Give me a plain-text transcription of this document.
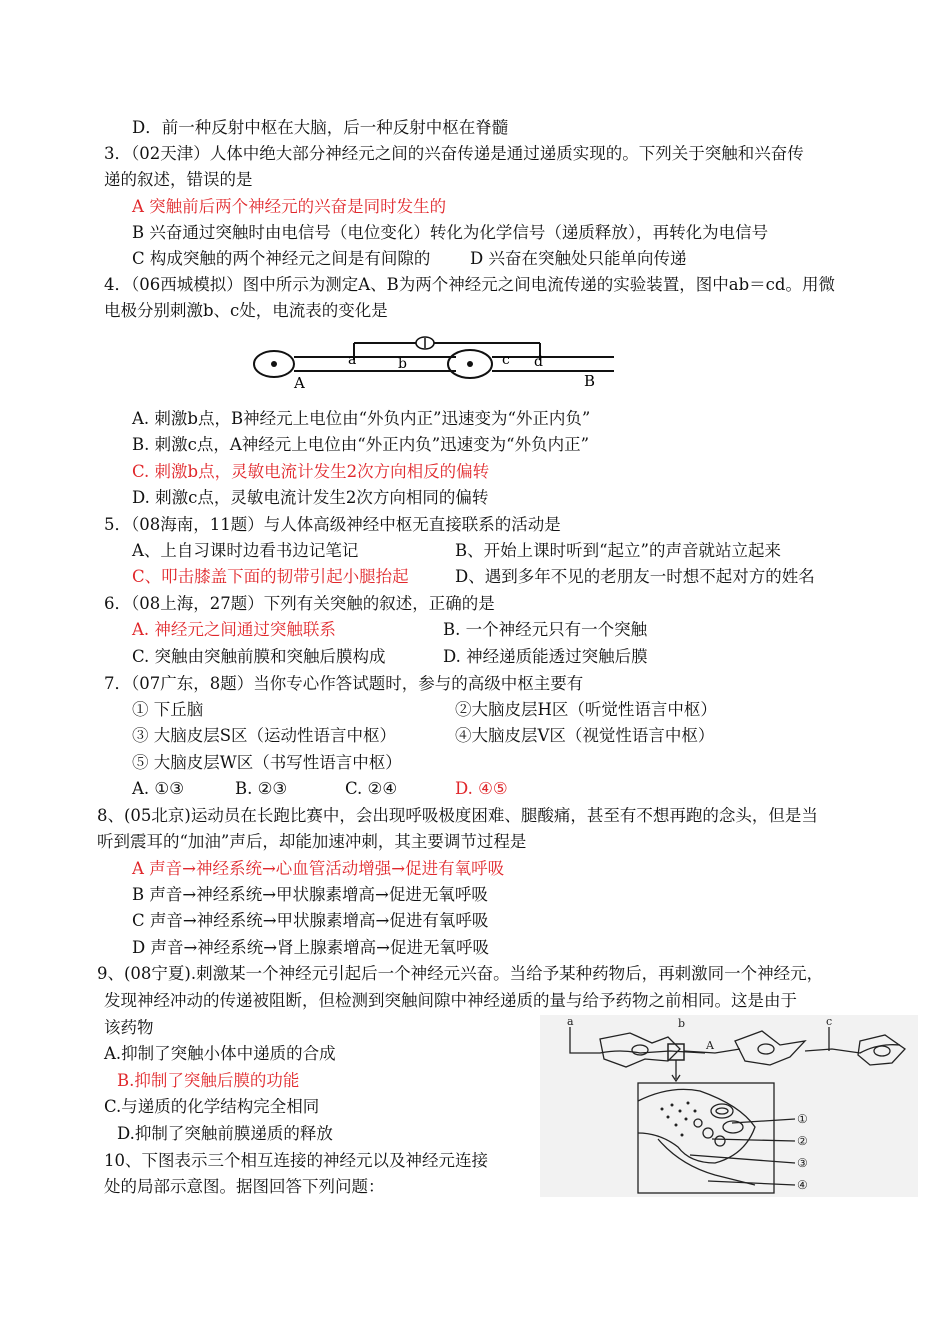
D．前一种反射中枢在大脑，后一种反射中枢在脊髓
3．（02天津）人体中绝大部分神经元之间的兴奋传递是通过递质实现的。下列关于突触和兴奋传
递的叙述，错误的是
A 突触前后两个神经元的兴奋是同时发生的
B 兴奋通过突触时由电信号（电位变化）转化为化学信号（递质释放），再转化为电信号
C 构成突触的两个神经元之间是有间隙的 D 兴奋在突触处只能单向传递
4．（06西城模拟）图中所示为测定A、B为两个神经元之间电流传递的实验装置，图中ab＝cd。用微
电极分别刺激b、c处，电流表的变化是
a	b	c d
A	B
A. 刺激b点，B神经元上电位由“外负内正”迅速变为“外正内负”
B. 刺激c点，A神经元上电位由“外正内负”迅速变为“外负内正”
C. 刺激b点，灵敏电流计发生2次方向相反的偏转
D. 刺激c点，灵敏电流计发生2次方向相同的偏转
5．（08海南，11题）与人体高级神经中枢无直接联系的活动是
A、上自习课时边看书边记笔记	B、开始上课时听到“起立”的声音就站立起来
C、叩击膝盖下面的韧带引起小腿抬起	D、遇到多年不见的老朋友一时想不起对方的姓名
6．（08上海，27题）下列有关突触的叙述，正确的是
A. 神经元之间通过突触联系	B. 一个神经元只有一个突触
C. 突触由突触前膜和突触后膜构成	D. 神经递质能透过突触后膜
7．（07广东，8题）当你专心作答试题时，参与的高级中枢主要有
① 下丘脑	②大脑皮层H区（听觉性语言中枢）
③ 大脑皮层S区（运动性语言中枢）	④大脑皮层V区（视觉性语言中枢）
⑤ 大脑皮层W区（书写性语言中枢）
A. ①③	B. ②③	C. ②④	D. ④⑤
8、(05北京)运动员在长跑比赛中，会出现呼吸极度困难、腿酸痛，甚至有不想再跑的念头，但是当
听到震耳的“加油”声后，却能加速冲刺，其主要调节过程是
A 声音→神经系统→心血管活动增强→促进有氧呼吸
B 声音→神经系统→甲状腺素增高→促进无氧呼吸
C 声音→神经系统→甲状腺素增高→促进有氧呼吸
D 声音→神经系统→肾上腺素增高→促进无氧呼吸
9、(08宁夏).刺激某一个神经元引起后一个神经元兴奋。当给予某种药物后，再刺激同一个神经元，
发现神经冲动的传递被阻断，但检测到突触间隙中神经递质的量与给予药物之前相同。这是由于
该药物
A.抑制了突触小体中递质的合成
B.抑制了突触后膜的功能
C.与递质的化学结构完全相同
D.抑制了突触前膜递质的释放
10、下图表示三个相互连接的神经元以及神经元连接
处的局部示意图。据图回答下列问题：
a	b	c
A
①
②
③
④
